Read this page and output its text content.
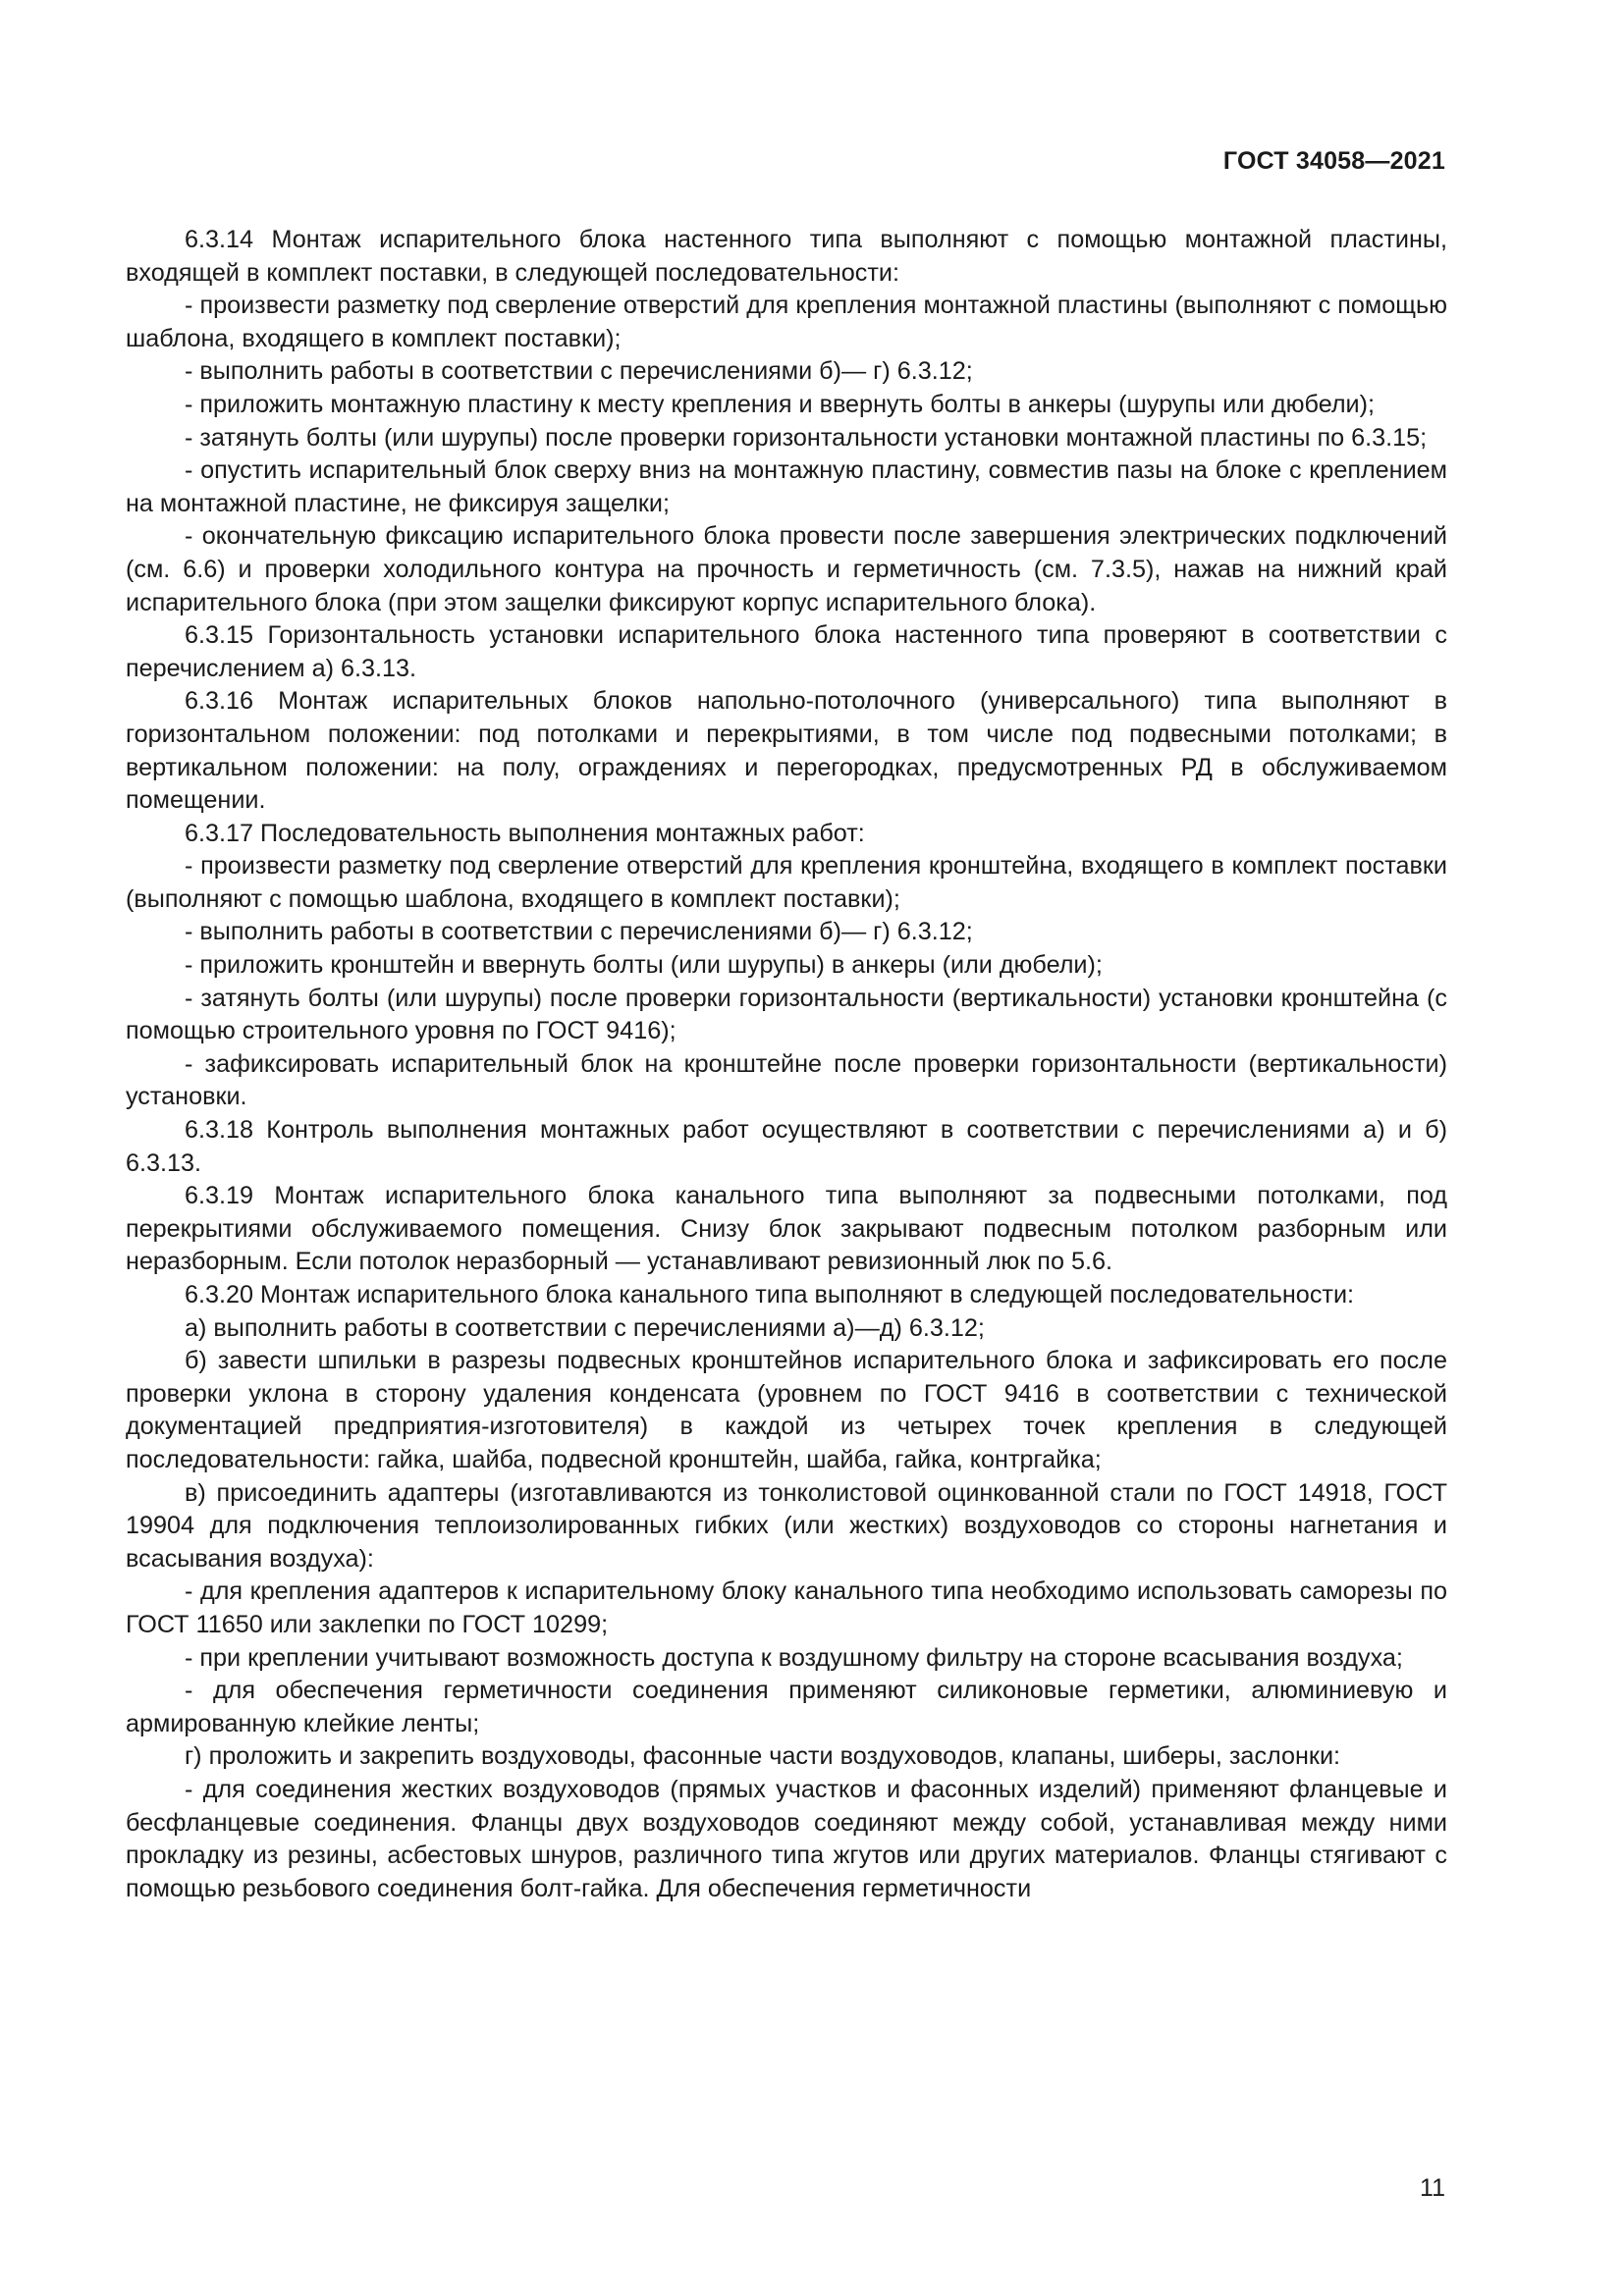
ГОСТ 34058—2021

6.3.14 Монтаж испарительного блока настенного типа выполняют с помощью монтажной пластины, входящей в комплект поставки, в следующей последовательности:

- произвести разметку под сверление отверстий для крепления монтажной пластины (выполняют с помощью шаблона, входящего в комплект поставки);

- выполнить работы в соответствии с перечислениями б)— г) 6.3.12;

- приложить монтажную пластину к месту крепления и ввернуть болты в анкеры (шурупы или дюбели);

- затянуть болты (или шурупы) после проверки горизонтальности установки монтажной пластины по 6.3.15;

- опустить испарительный блок сверху вниз на монтажную пластину, совместив пазы на блоке с креплением на монтажной пластине, не фиксируя защелки;

- окончательную фиксацию испарительного блока провести после завершения электрических подключений (см. 6.6) и проверки холодильного контура на прочность и герметичность (см. 7.3.5), нажав на нижний край испарительного блока (при этом защелки фиксируют корпус испарительного блока).

6.3.15 Горизонтальность установки испарительного блока настенного типа проверяют в соответствии с перечислением а) 6.3.13.

6.3.16 Монтаж испарительных блоков напольно-потолочного (универсального) типа выполняют в горизонтальном положении: под потолками и перекрытиями, в том числе под подвесными потолками; в вертикальном положении: на полу, ограждениях и перегородках, предусмотренных РД в обслуживаемом помещении.

6.3.17 Последовательность выполнения монтажных работ:

- произвести разметку под сверление отверстий для крепления кронштейна, входящего в комплект поставки (выполняют с помощью шаблона, входящего в комплект поставки);

- выполнить работы в соответствии с перечислениями б)— г) 6.3.12;

- приложить кронштейн и ввернуть болты (или шурупы) в анкеры (или дюбели);

- затянуть болты (или шурупы) после проверки горизонтальности (вертикальности) установки кронштейна (с помощью строительного уровня по ГОСТ 9416);

- зафиксировать испарительный блок на кронштейне после проверки горизонтальности (вертикальности) установки.

6.3.18 Контроль выполнения монтажных работ осуществляют в соответствии с перечислениями а) и б) 6.3.13.

6.3.19 Монтаж испарительного блока канального типа выполняют за подвесными потолками, под перекрытиями обслуживаемого помещения. Снизу блок закрывают подвесным потолком разборным или неразборным. Если потолок неразборный — устанавливают ревизионный люк по 5.6.

6.3.20 Монтаж испарительного блока канального типа выполняют в следующей последовательности:

а) выполнить работы в соответствии с перечислениями а)—д) 6.3.12;

б) завести шпильки в разрезы подвесных кронштейнов испарительного блока и зафиксировать его после проверки уклона в сторону удаления конденсата (уровнем по ГОСТ 9416 в соответствии с технической документацией предприятия-изготовителя) в каждой из четырех точек крепления в следующей последовательности: гайка, шайба, подвесной кронштейн, шайба, гайка, контргайка;

в) присоединить адаптеры (изготавливаются из тонколистовой оцинкованной стали по ГОСТ 14918, ГОСТ 19904 для подключения теплоизолированных гибких (или жестких) воздуховодов со стороны нагнетания и всасывания воздуха):

- для крепления адаптеров к испарительному блоку канального типа необходимо использовать саморезы по ГОСТ 11650 или заклепки по ГОСТ 10299;

- при креплении учитывают возможность доступа к воздушному фильтру на стороне всасывания воздуха;

- для обеспечения герметичности соединения применяют силиконовые герметики, алюминиевую и армированную клейкие ленты;

г) проложить и закрепить воздуховоды, фасонные части воздуховодов, клапаны, шиберы, заслонки:

- для соединения жестких воздуховодов (прямых участков и фасонных изделий) применяют фланцевые и бесфланцевые соединения. Фланцы двух воздуховодов соединяют между собой, устанавливая между ними прокладку из резины, асбестовых шнуров, различного типа жгутов или других материалов. Фланцы стягивают с помощью резьбового соединения болт-гайка. Для обеспечения герметичности

11
